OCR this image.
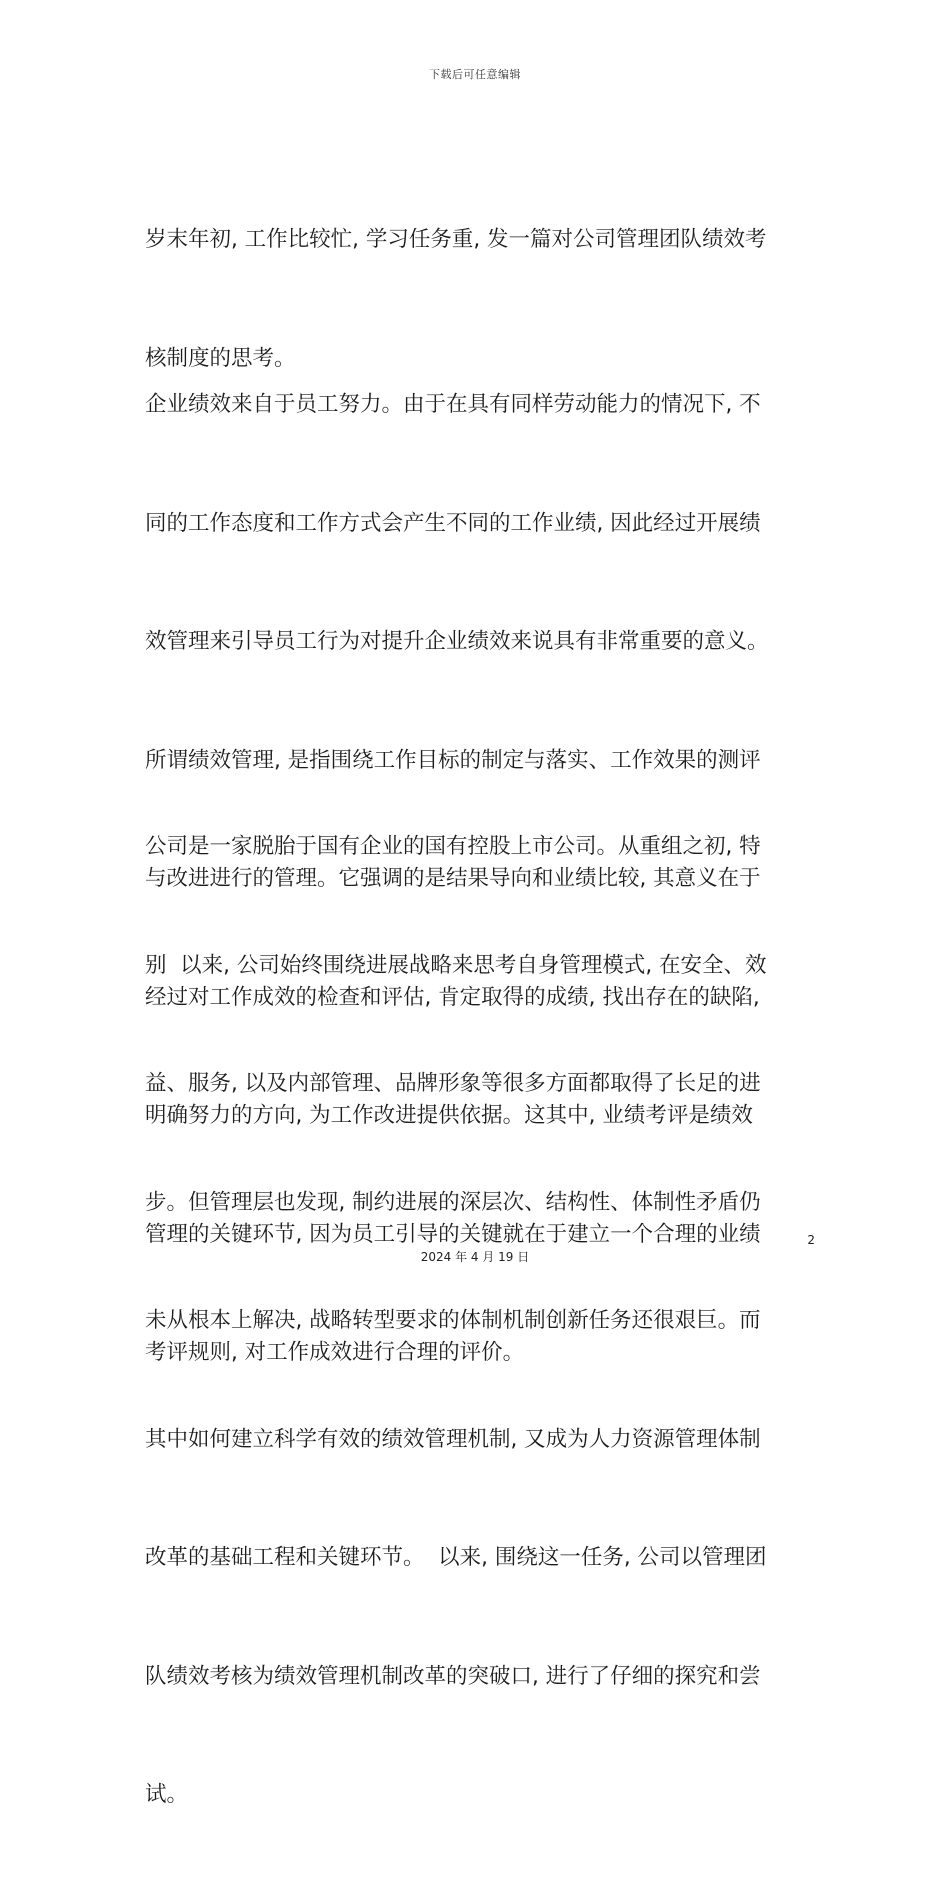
下载后可任意编辑

岁末年初, 工作比较忙, 学习任务重, 发一篇对公司管理团队绩效考

核制度的思考。

企业绩效来自于员工努力。由于在具有同样劳动能力的情况下, 不

同的工作态度和工作方式会产生不同的工作业绩, 因此经过开展绩

效管理来引导员工行为对提升企业绩效来说具有非常重要的意义。

所谓绩效管理, 是指围绕工作目标的制定与落实、工作效果的测评

与改进进行的管理。它强调的是结果导向和业绩比较, 其意义在于

经过对工作成效的检查和评估, 肯定取得的成绩, 找出存在的缺陷,

明确努力的方向, 为工作改进提供依据。这其中, 业绩考评是绩效

管理的关键环节, 因为员工引导的关键就在于建立一个合理的业绩

考评规则, 对工作成效进行合理的评价。

公司是一家脱胎于国有企业的国有控股上市公司。从重组之初, 特

别  以来, 公司始终围绕进展战略来思考自身管理模式, 在安全、效

益、服务, 以及内部管理、品牌形象等很多方面都取得了长足的进

步。但管理层也发现, 制约进展的深层次、结构性、体制性矛盾仍

未从根本上解决, 战略转型要求的体制机制创新任务还很艰巨。而

其中如何建立科学有效的绩效管理机制, 又成为人力资源管理体制

改革的基础工程和关键环节。  以来, 围绕这一任务, 公司以管理团

队绩效考核为绩效管理机制改革的突破口, 进行了仔细的探究和尝

试。

2
2024 年 4 月 19 日
